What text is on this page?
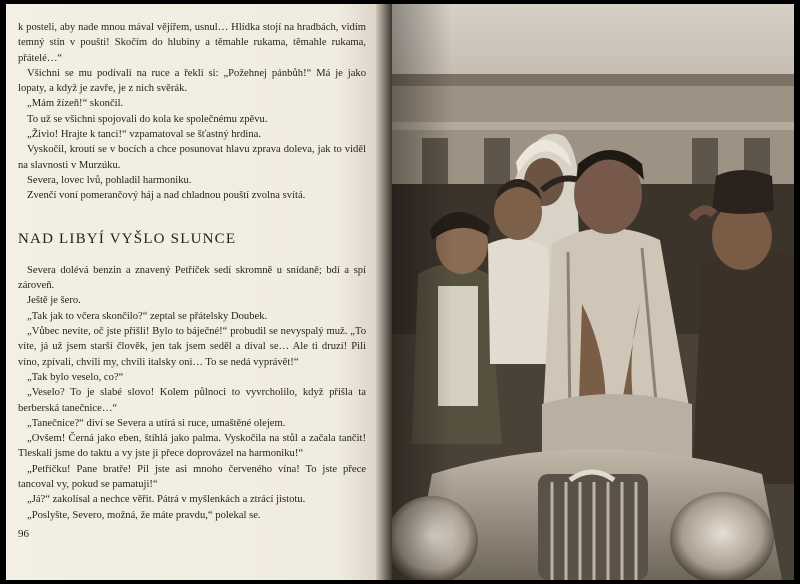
k posteli, aby nade mnou mával vějířem, usnul… Hlídka stojí na hradbách, vidím temný stín v poušti! Skočím do hlubiny a těmahle rukama, těmahle rukama, přátelé…“

Všichni se mu podívali na ruce a řekli si: „Požehnej pánbůh!“ Má je jako lopaty, a když je zavře, je z nich svěrák.

„Mám žízeň!“ skončil.

To už se všichni spojovali do kola ke společnému zpěvu.

„Živio! Hrajte k tanci!“ vzpamatoval se šťastný hrdina.

Vyskočil, kroutí se v bocích a chce posunovat hlavu zprava doleva, jak to viděl na slavnosti v Murzúku.

Severa, lovec lvů, pohladil harmoniku.

Zvenčí voní pomerančový háj a nad chladnou pouští zvolna svítá.

NAD LIBYÍ VYŠLO SLUNCE

Severa dolévá benzin a znavený Petříček sedí skromně u snídaně; bdí a spí zároveň.

Ještě je šero.

„Tak jak to včera skončilo?“ zeptal se přátelsky Doubek.

„Vůbec nevíte, oč jste přišli! Bylo to báječné!“ probudil se nevyspalý muž. „To víte, já už jsem starší člověk, jen tak jsem seděl a díval se… Ale ti druzí! Pili víno, zpívali, chvíli my, chvíli italsky oni… To se nedá vyprávět!“

„Tak bylo veselo, co?“

„Veselo? To je slabé slovo! Kolem půlnoci to vyvrcholilo, když přišla ta berberská tanečnice…“

„Tanečnice?“ diví se Severa a utírá si ruce, umaštěné olejem.

„Ovšem! Černá jako eben, štíhlá jako palma. Vyskočila na stůl a začala tančit! Tleskali jsme do taktu a vy jste ji přece doprovázel na harmoniku!“

„Petříčku! Pane bratře! Pil jste asi mnoho červeného vína! To jste přece tancoval vy, pokud se pamatuji!“

„Já?“ zakolísal a nechce věřit. Pátrá v myšlenkách a ztrácí jistotu.

„Poslyšte, Severo, možná, že máte pravdu,“ polekal se.

96
